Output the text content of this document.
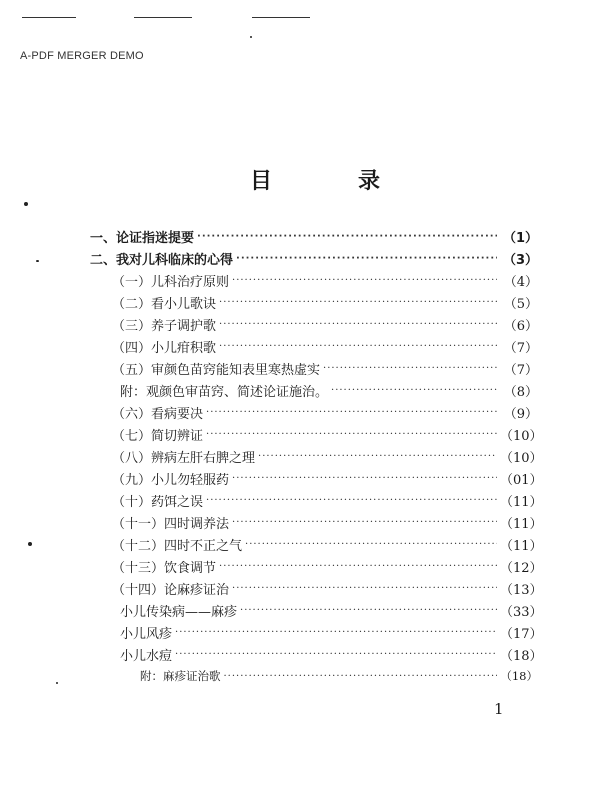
A-PDF MERGER DEMO
目	录
一、论证指迷提要 ·····	（1）
二、我对儿科临床的心得 ·····	（3）
（一）儿科治疗原则 ·····	（4）
（二）看小儿歌诀 ·····	（5）
（三）养子调护歌 ·····	（6）
（四）小儿疳积歌 ·····	（7）
（五）审颜色苗窍能知表里寒热虚实 ·····	（7）
附：观颜色审苗窍、简述论证施治。 ·····	（8）
（六）看病要决 ·····	（9）
（七）简切辨证 ·····	（10）
（八）辨病左肝右脾之理 ·····	（10）
（九）小儿勿轻服药 ·····	（01）
（十）药饵之误 ·····	（11）
（十一）四时调养法 ·····	（11）
（十二）四时不正之气 ·····	（11）
（十三）饮食调节 ·····	（12）
（十四）论麻疹证治 ·····	（13）
小儿传染病——麻疹 ·····	（33）
小儿风疹 ·····	（17）
小儿水痘 ·····	（18）
附：麻疹证治歌 ·····	（18）
1
